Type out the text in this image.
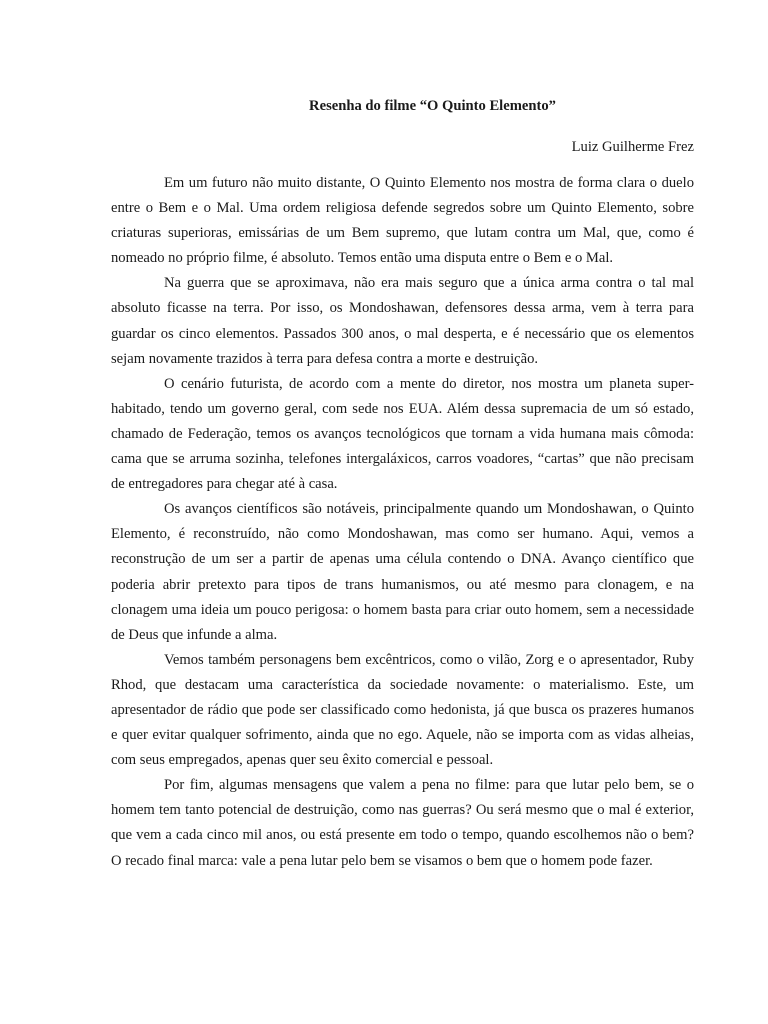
Resenha do filme “O Quinto Elemento”
Luiz Guilherme Frez

Em um futuro não muito distante, O Quinto Elemento nos mostra de forma clara o duelo entre o Bem e o Mal. Uma ordem religiosa defende segredos sobre um Quinto Elemento, sobre criaturas superioras, emissárias de um Bem supremo, que lutam contra um Mal, que, como é nomeado no próprio filme, é absoluto. Temos então uma disputa entre o Bem e o Mal.

Na guerra que se aproximava, não era mais seguro que a única arma contra o tal mal absoluto ficasse na terra. Por isso, os Mondoshawan, defensores dessa arma, vem à terra para guardar os cinco elementos. Passados 300 anos, o mal desperta, e é necessário que os elementos sejam novamente trazidos à terra para defesa contra a morte e destruição.

O cenário futurista, de acordo com a mente do diretor, nos mostra um planeta super-habitado, tendo um governo geral, com sede nos EUA. Além dessa supremacia de um só estado, chamado de Federação, temos os avanços tecnológicos que tornam a vida humana mais cômoda: cama que se arruma sozinha, telefones intergaláxicos, carros voadores, “cartas” que não precisam de entregadores para chegar até à casa.

Os avanços científicos são notáveis, principalmente quando um Mondoshawan, o Quinto Elemento, é reconstruído, não como Mondoshawan, mas como ser humano. Aqui, vemos a reconstrução de um ser a partir de apenas uma célula contendo o DNA. Avanço científico que poderia abrir pretexto para tipos de trans humanismos, ou até mesmo para clonagem, e na clonagem uma ideia um pouco perigosa: o homem basta para criar outo homem, sem a necessidade de Deus que infunde a alma.

Vemos também personagens bem excêntricos, como o vilão, Zorg e o apresentador, Ruby Rhod, que destacam uma característica da sociedade novamente: o materialismo. Este, um apresentador de rádio que pode ser classificado como hedonista, já que busca os prazeres humanos e quer evitar qualquer sofrimento, ainda que no ego. Aquele, não se importa com as vidas alheias, com seus empregados, apenas quer seu êxito comercial e pessoal.

Por fim, algumas mensagens que valem a pena no filme: para que lutar pelo bem, se o homem tem tanto potencial de destruição, como nas guerras? Ou será mesmo que o mal é exterior, que vem a cada cinco mil anos, ou está presente em todo o tempo, quando escolhemos não o bem? O recado final marca: vale a pena lutar pelo bem se visamos o bem que o homem pode fazer.
